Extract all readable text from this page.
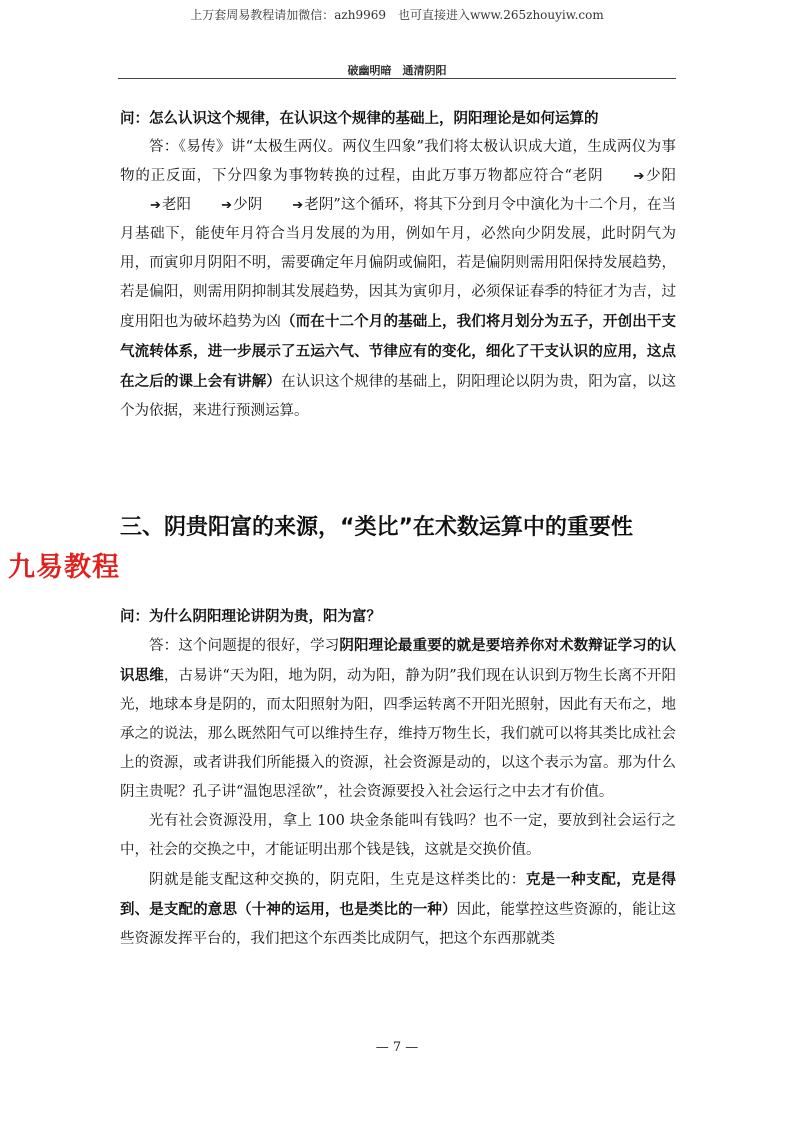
上万套周易教程请加微信：azh9969　也可直接进入www.265zhouyiw.com
破幽明暗　通清阴阳

问：怎么认识这个规律，在认识这个规律的基础上，阴阳理论是如何运算的

答：《易传》讲“太极生两仪。两仪生四象”我们将太极认识成大道，生成两仪为事物的正反面，下分四象为事物转换的过程，由此万事万物都应符合“老阴 ➔少阳➔老阳 ➔少阴 ➔老阴”这个循环，将其下分到月令中演化为十二个月，在当月基础下，能使年月符合当月发展的为用，例如午月，必然向少阴发展，此时阴气为用，而寅卯月阴阳不明，需要确定年月偏阴或偏阳，若是偏阴则需用阳保持发展趋势，若是偏阳，则需用阴抑制其发展趋势，因其为寅卯月，必须保证春季的特征才为吉，过度用阳也为破坏趋势为凶（而在十二个月的基础上，我们将月划分为五子，开创出干支气流转体系，进一步展示了五运六气、节律应有的变化，细化了干支认识的应用，这点在之后的课上会有讲解）在认识这个规律的基础上，阴阳理论以阴为贵，阳为富，以这个为依据，来进行预测运算。

三、阴贵阳富的来源，“类比”在术数运算中的重要性
九易教程

问：为什么阴阳理论讲阴为贵，阳为富？

答：这个问题提的很好，学习阴阳理论最重要的就是要培养你对术数辩证学习的认识思维，古易讲“天为阳，地为阴，动为阳，静为阴”我们现在认识到万物生长离不开阳光，地球本身是阴的，而太阳照射为阳，四季运转离不开阳光照射，因此有天布之，地承之的说法，那么既然阳气可以维持生存，维持万物生长，我们就可以将其类比成社会上的资源，或者讲我们所能摄入的资源，社会资源是动的，以这个表示为富。那为什么阴主贵呢？孔子讲“温饱思淫欲”，社会资源要投入社会运行之中去才有价值。

光有社会资源没用，拿上 100 块金条能叫有钱吗？也不一定，要放到社会运行之中，社会的交换之中，才能证明出那个钱是钱，这就是交换价值。

阴就是能支配这种交换的，阴克阳，生克是这样类比的：克是一种支配，克是得到、是支配的意思（十神的运用，也是类比的一种）因此，能掌控这些资源的，能让这些资源发挥平台的，我们把这个东西类比成阴气，把这个东西那就类

— 7 —
